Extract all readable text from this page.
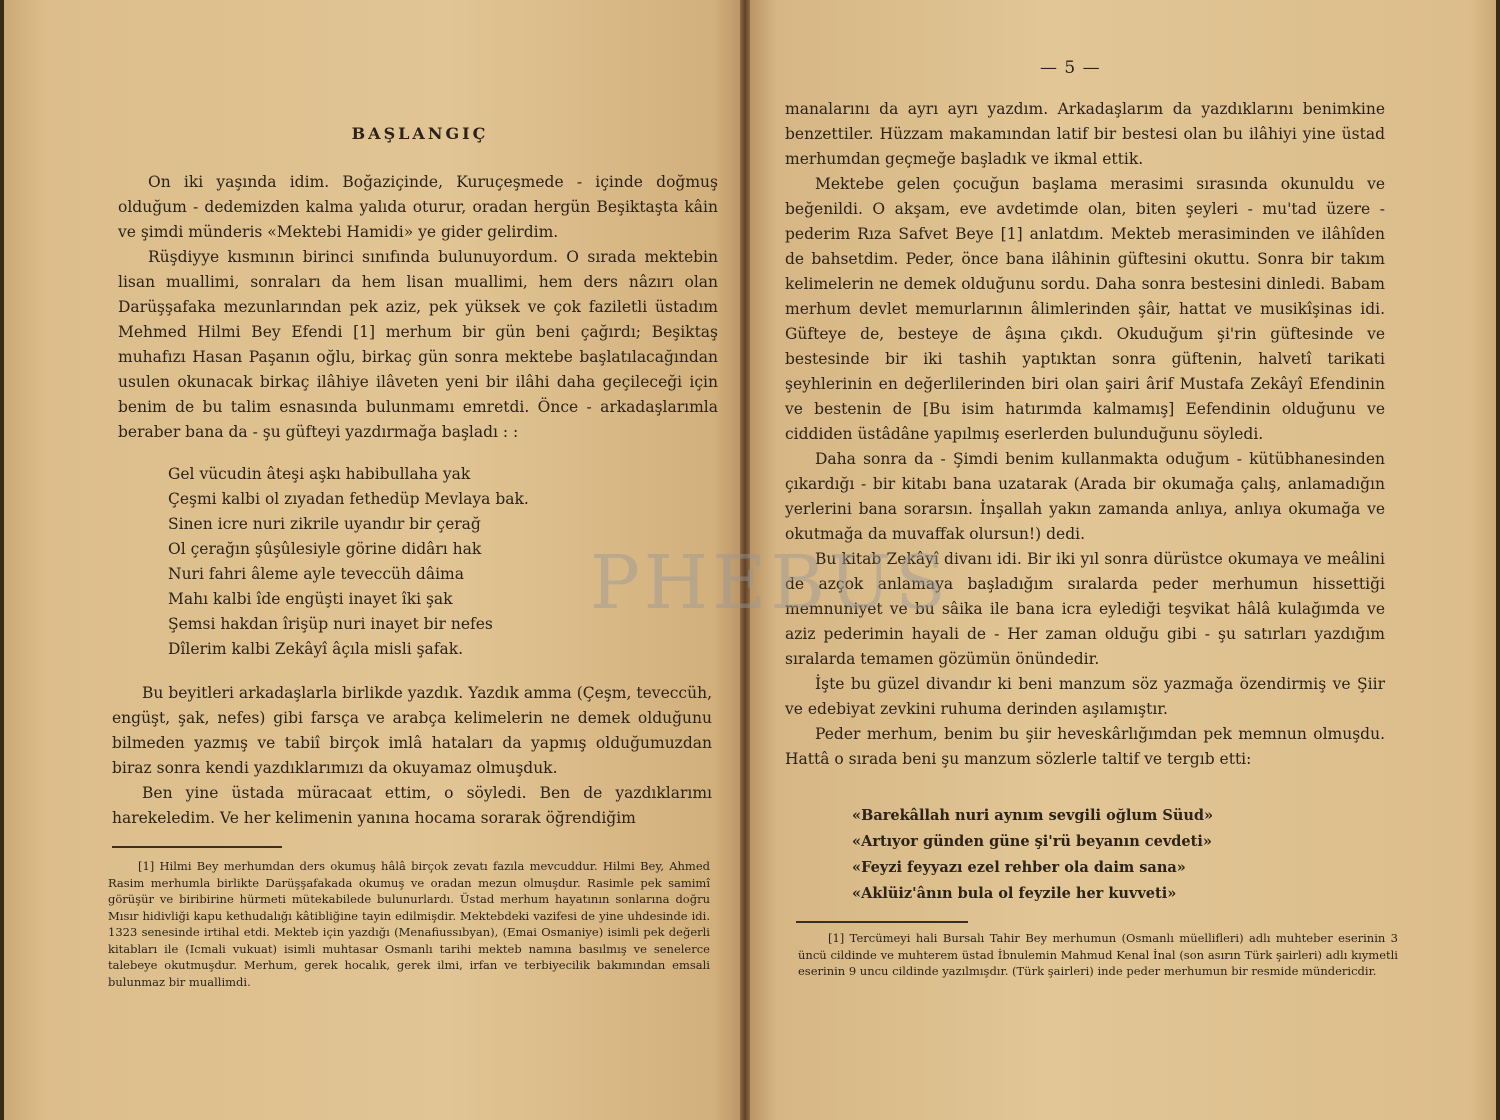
BAŞLANGIÇ

On iki yaşında idim. Boğaziçinde, Kuruçeşmede - içinde doğmuş olduğum - dedemizden kalma yalıda oturur, oradan hergün Beşiktaşta kâin ve şimdi münderis «Mektebi Hamidi» ye gider gelirdim.

Rüşdiyye kısmının birinci sınıfında bulunuyordum. O sırada mektebin lisan muallimi, sonraları da hem lisan muallimi, hem ders nâzırı olan Darüşşafaka mezunlarından pek aziz, pek yüksek ve çok faziletli üstadım Mehmed Hilmi Bey Efendi [1] merhum bir gün beni çağırdı; Beşiktaş muhafızı Hasan Paşanın oğlu, birkaç gün sonra mektebe başlatılacağından usulen okunacak birkaç ilâhiye ilâveten yeni bir ilâhi daha geçileceği için benim de bu talim esnasında bulunmamı emretdi. Önce - arkadaşlarımla beraber bana da - şu güfteyi yazdırmağa başladı : :

Gel vücudin âteşi aşkı habibullaha yak
Çeşmi kalbi ol zıyadan fethedüp Mevlaya bak.
Sinen icre nuri zikrile uyandır bir çerağ
Ol çerağın şûşûlesiyle görine didârı hak
Nuri fahri âleme ayle teveccüh dâima
Mahı kalbi îde engüşti inayet îki şak
Şemsi hakdan îrişüp nuri inayet bir nefes
Dîlerim kalbi Zekâyî âçıla misli şafak.

Bu beyitleri arkadaşlarla birlikde yazdık. Yazdık amma (Çeşm, teveccüh, engüşt, şak, nefes) gibi farsça ve arabça kelimelerin ne demek olduğunu bilmeden yazmış ve tabiî birçok imlâ hataları da yapmış olduğumuzdan biraz sonra kendi yazdıklarımızı da okuyamaz olmuşduk.

Ben yine üstada müracaat ettim, o söyledi. Ben de yazdıklarımı harekeledim. Ve her kelimenin yanına hocama sorarak öğrendiğim

[1] Hilmi Bey merhumdan ders okumuş hâlâ birçok zevatı fazıla mevcuddur. Hilmi Bey, Ahmed Rasim merhumla birlikte Darüşşafakada okumuş ve oradan mezun olmuşdur. Rasimle pek samimî görüşür ve biribirine hürmeti mütekabilede bulunurlardı. Üstad merhum hayatının sonlarına doğru Mısır hidivliği kapu kethudalığı kâtibliğine tayin edilmişdir. Mektebdeki vazifesi de yine uhdesinde idi. 1323 senesinde irtihal etdi. Mekteb için yazdığı (Menafiussıbyan), (Emai Osmaniye) isimli pek değerli kitabları ile (Icmali vukuat) isimli muhtasar Osmanlı tarihi mekteb namına basılmış ve senelerce talebeye okutmuşdur. Merhum, gerek hocalık, gerek ilmi, irfan ve terbiyecilik bakımından emsali bulunmaz bir muallimdi.

— 5 —

manalarını da ayrı ayrı yazdım. Arkadaşlarım da yazdıklarını benimkine benzettiler. Hüzzam makamından latif bir bestesi olan bu ilâhiyi yine üstad merhumdan geçmeğe başladık ve ikmal ettik.

Mektebe gelen çocuğun başlama merasimi sırasında okunuldu ve beğenildi. O akşam, eve avdetimde olan, biten şeyleri - mu'tad üzere - pederim Rıza Safvet Beye [1] anlatdım. Mekteb merasiminden ve ilâhîden de bahsetdim. Peder, önce bana ilâhinin güftesini okuttu. Sonra bir takım kelimelerin ne demek olduğunu sordu. Daha sonra bestesini dinledi. Babam merhum devlet memurlarının âlimlerinden şâir, hattat ve musikîşinas idi. Güfteye de, besteye de âşına çıkdı. Okuduğum şi'rin güftesinde ve bestesinde bir iki tashih yaptıktan sonra güftenin, halvetî tarikati şeyhlerinin en değerlilerinden biri olan şairi ârif Mustafa Zekâyî Efendinin ve bestenin de [Bu isim hatırımda kalmamış] Eefendinin olduğunu ve ciddiden üstâdâne yapılmış eserlerden bulunduğunu söyledi.

Daha sonra da - Şimdi benim kullanmakta oduğum - kütübhanesinden çıkardığı - bir kitabı bana uzatarak (Arada bir okumağa çalış, anlamadığın yerlerini bana sorarsın. İnşallah yakın zamanda anlıya, anlıya okumağa ve okutmağa da muvaffak olursun!) dedi.

Bu kitab Zekâyî divanı idi. Bir iki yıl sonra dürüstce okumaya ve meâlini de azçok anlamaya başladığım sıralarda peder merhumun hissettiği memnuniyet ve bu sâika ile bana icra eylediği teşvikat hâlâ kulağımda ve aziz pederimin hayali de - Her zaman olduğu gibi - şu satırları yazdığım sıralarda temamen gözümün önündedir.

İşte bu güzel divandır ki beni manzum söz yazmağa özendirmiş ve Şiir ve edebiyat zevkini ruhuma derinden aşılamıştır.

Peder merhum, benim bu şiir heveskârlığımdan pek memnun olmuşdu. Hattâ o sırada beni şu manzum sözlerle taltif ve tergıb etti:

«Barekâllah nuri aynım sevgili oğlum Süud»
«Artıyor günden güne şi'rü beyanın cevdeti»
«Feyzi feyyazı ezel rehber ola daim sana»
«Aklüiz'ânın bula ol feyzile her kuvveti»

[1] Tercümeyi hali Bursalı Tahir Bey merhumun (Osmanlı müellifleri) adlı muhteber eserinin 3 üncü cildinde ve muhterem üstad İbnulemin Mahmud Kenal İnal (son asırın Türk şairleri) adlı kıymetli eserinin 9 uncu cildinde yazılmışdır. (Türk şairleri) inde peder merhumun bir resmide mündericdir.

PHEBUS
